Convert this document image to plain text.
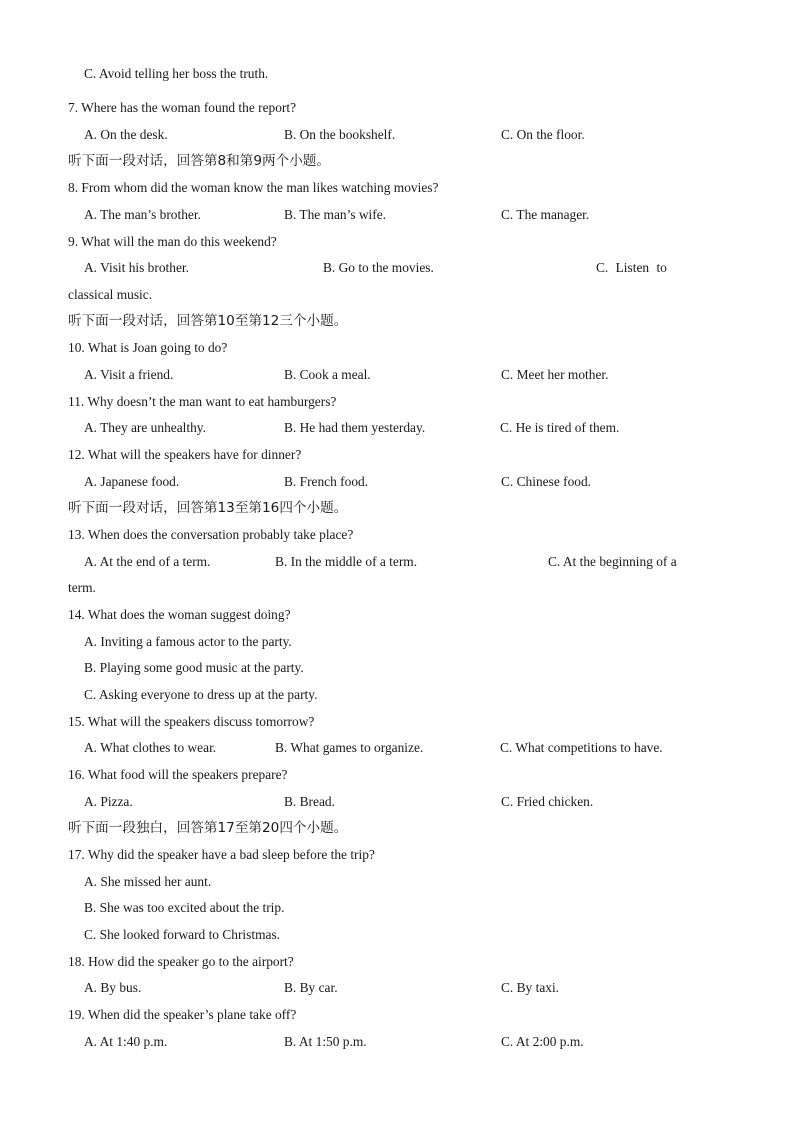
C. Avoid telling her boss the truth.
7. Where has the woman found the report?
A. On the desk.	B. On the bookshelf.	C. On the floor.
听下面一段对话，回答第8和第9两个小题。
8. From whom did the woman know the man likes watching movies?
A. The man’s brother.	B. The man’s wife.	C. The manager.
9. What will the man do this weekend?
A. Visit his brother.	B. Go to the movies.	C. Listen to
classical music.
听下面一段对话，回答第10至第12三个小题。
10. What is Joan going to do?
A. Visit a friend.	B. Cook a meal.	C. Meet her mother.
11. Why doesn’t the man want to eat hamburgers?
A. They are unhealthy.	B. He had them yesterday.	C. He is tired of them.
12. What will the speakers have for dinner?
A. Japanese food.	B. French food.	C. Chinese food.
听下面一段对话，回答第13至第16四个小题。
13. When does the conversation probably take place?
A. At the end of a term.	B. In the middle of a term.	C. At the beginning of a
term.
14. What does the woman suggest doing?
A. Inviting a famous actor to the party.
B. Playing some good music at the party.
C. Asking everyone to dress up at the party.
15. What will the speakers discuss tomorrow?
A. What clothes to wear.	B. What games to organize.	C. What competitions to have.
16. What food will the speakers prepare?
A. Pizza.	B. Bread.	C. Fried chicken.
听下面一段独白，回答第17至第20四个小题。
17. Why did the speaker have a bad sleep before the trip?
A. She missed her aunt.
B. She was too excited about the trip.
C. She looked forward to Christmas.
18. How did the speaker go to the airport?
A. By bus.	B. By car.	C. By taxi.
19. When did the speaker’s plane take off?
A. At 1:40 p.m.	B. At 1:50 p.m.	C. At 2:00 p.m.
